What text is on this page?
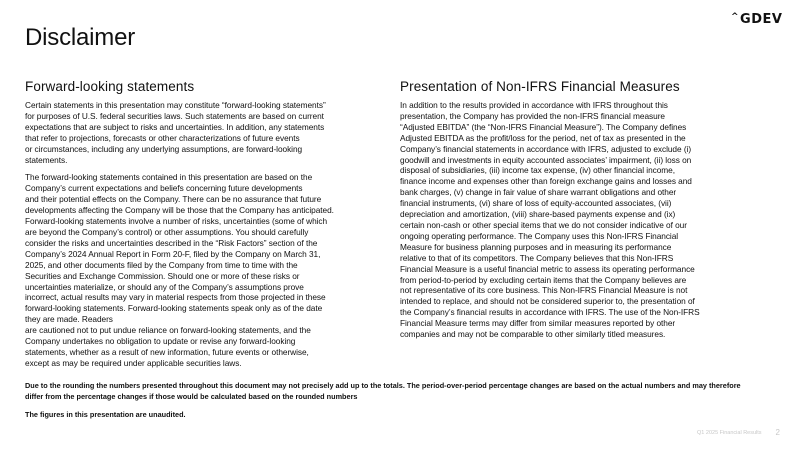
Disclaimer
^ GDEV
Forward-looking statements

Certain statements in this presentation may constitute “forward-looking statements”
for purposes of U.S. federal securities laws. Such statements are based on current
expectations that are subject to risks and uncertainties. In addition, any statements
that refer to projections, forecasts or other characterizations of future events
or circumstances, including any underlying assumptions, are forward-looking
statements.

The forward-looking statements contained in this presentation are based on the
Company’s current expectations and beliefs concerning future developments
and their potential effects on the Company. There can be no assurance that future
developments affecting the Company will be those that the Company has anticipated.
Forward-looking statements involve a number of risks, uncertainties (some of which
are beyond the Company’s control) or other assumptions. You should carefully
consider the risks and uncertainties described in the “Risk Factors” section of the
Company’s 2024 Annual Report in Form 20-F, filed by the Company on March 31,
2025, and other documents filed by the Company from time to time with the
Securities and Exchange Commission. Should one or more of these risks or
uncertainties materialize, or should any of the Company’s assumptions prove
incorrect, actual results may vary in material respects from those projected in these
forward-looking statements. Forward-looking statements speak only as of the date
they are made. Readers
are cautioned not to put undue reliance on forward-looking statements, and the
Company undertakes no obligation to update or revise any forward-looking
statements, whether as a result of new information, future events or otherwise,
except as may be required under applicable securities laws.

Presentation of Non-IFRS Financial Measures

In addition to the results provided in accordance with IFRS throughout this
presentation, the Company has provided the non-IFRS financial measure
“Adjusted EBITDA” (the “Non-IFRS Financial Measure”). The Company defines
Adjusted EBITDA as the profit/loss for the period, net of tax as presented in the
Company’s financial statements in accordance with IFRS, adjusted to exclude (i)
goodwill and investments in equity accounted associates’ impairment, (ii) loss on
disposal of subsidiaries, (iii) income tax expense, (iv) other financial income,
finance income and expenses other than foreign exchange gains and losses and
bank charges, (v) change in fair value of share warrant obligations and other
financial instruments, (vi) share of loss of equity-accounted associates, (vii)
depreciation and amortization, (viii) share-based payments expense and (ix)
certain non-cash or other special items that we do not consider indicative of our
ongoing operating performance. The Company uses this Non-IFRS Financial
Measure for business planning purposes and in measuring its performance
relative to that of its competitors. The Company believes that this Non-IFRS
Financial Measure is a useful financial metric to assess its operating performance
from period-to-period by excluding certain items that the Company believes are
not representative of its core business. This Non-IFRS Financial Measure is not
intended to replace, and should not be considered superior to, the presentation of
the Company’s financial results in accordance with IFRS. The use of the Non-IFRS
Financial Measure terms may differ from similar measures reported by other
companies and may not be comparable to other similarly titled measures.

Due to the rounding the numbers presented throughout this document may not precisely add up to the totals. The period-over-period percentage changes are based on the actual numbers and may therefore differ from the percentage changes if those would be calculated based on the rounded numbers

The figures in this presentation are unaudited.

Q1 2025 Financial Results 2
